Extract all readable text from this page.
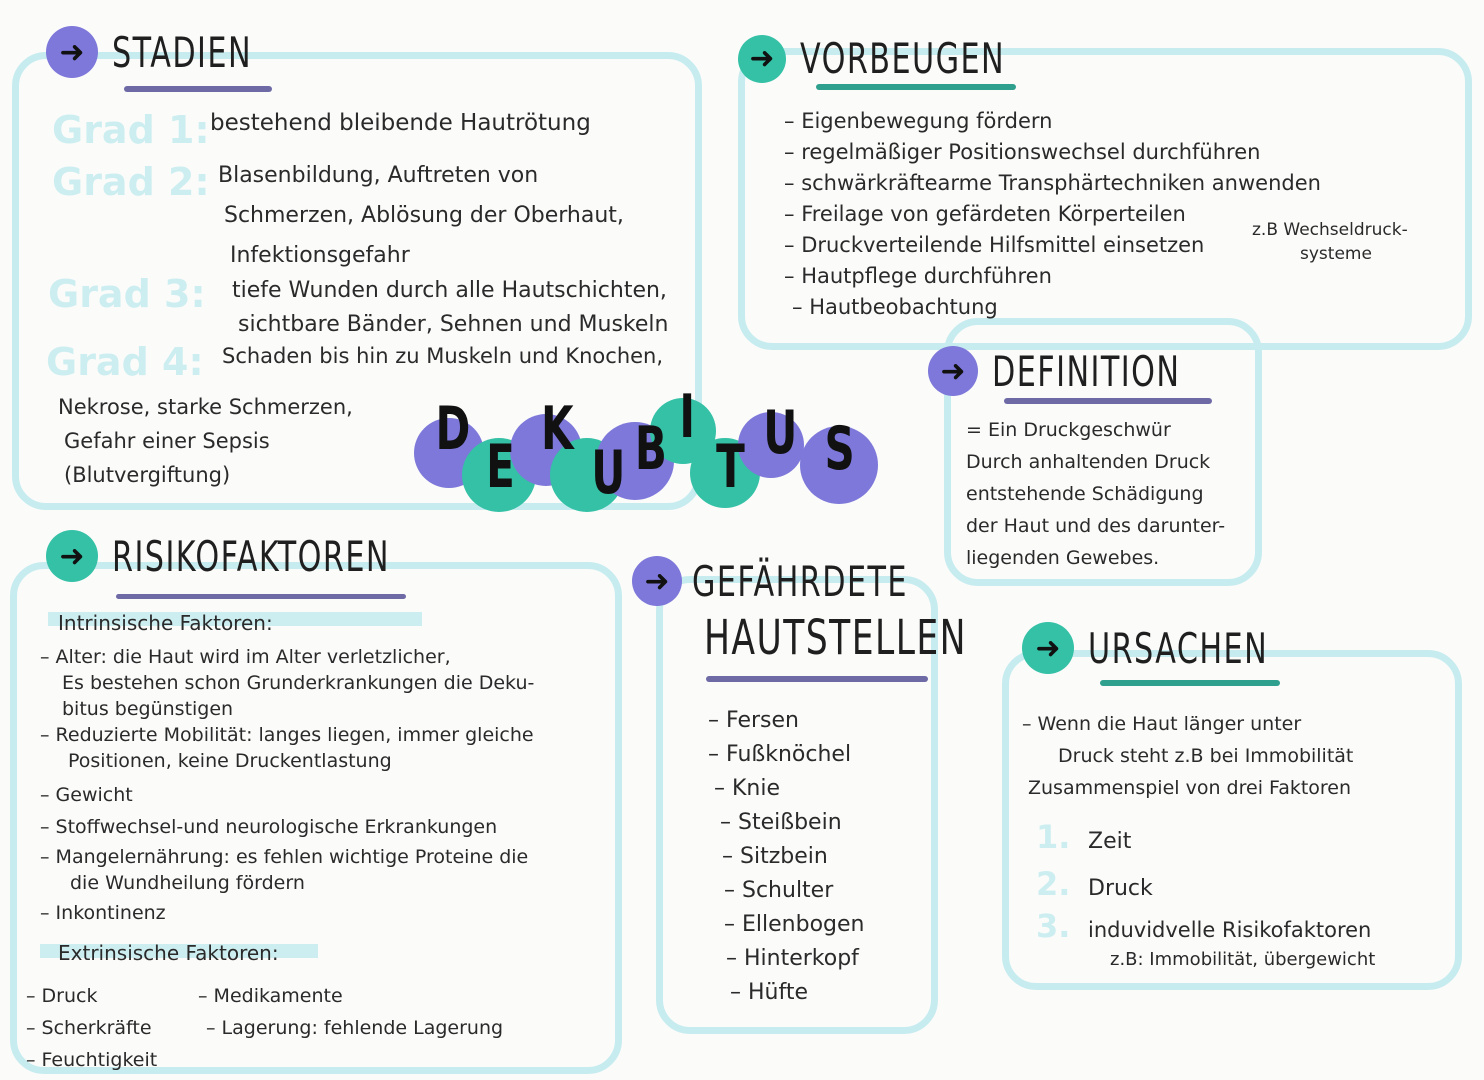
➜ STADIEN
Grad 1: bestehend bleibende Hautrötung
Grad 2: Blasenbildung, Auftreten von
Schmerzen, Ablösung der Oberhaut,
Infektionsgefahr
Grad 3: tiefe Wunden durch alle Hautschichten,
sichtbare Bänder, Sehnen und Muskeln
Grad 4: Schaden bis hin zu Muskeln und Knochen,
Nekrose, starke Schmerzen,
Gefahr einer Sepsis
(Blutvergiftung)
D
E
K
U B I
T U S
➜ VORBEUGEN
– Eigenbewegung fördern
– regelmäßiger Positionswechsel durchführen
– schwärkräftearme Transphärtechniken anwenden
– Freilage von gefärdeten Körperteilen
– Druckverteilende Hilfsmittel einsetzen
– Hautpflege durchführen
– Hautbeobachtung
z.B Wechseldruck-
systeme
➜ DEFINITION
= Ein Druckgeschwür
Durch anhaltenden Druck
entstehende Schädigung
der Haut und des darunter-
liegenden Gewebes.
➜ RISIKOFAKTOREN
Intrinsische Faktoren:
– Alter: die Haut wird im Alter verletzlicher,
Es bestehen schon Grunderkrankungen die Deku-
bitus begünstigen
– Reduzierte Mobilität: langes liegen, immer gleiche
Positionen, keine Druckentlastung
– Gewicht
– Stoffwechsel-und neurologische Erkrankungen
– Mangelernährung: es fehlen wichtige Proteine die
die Wundheilung fördern
– Inkontinenz
Extrinsische Faktoren:
– Druck
– Scherkräfte
– Feuchtigkeit
– Medikamente
– Lagerung: fehlende Lagerung
➜ GEFÄHRDETE
HAUTSTELLEN
– Fersen
– Fußknöchel
– Knie
– Steißbein
– Sitzbein
– Schulter
– Ellenbogen
– Hinterkopf
– Hüfte
➜ URSACHEN
– Wenn die Haut länger unter
Druck steht z.B bei Immobilität
Zusammenspiel von drei Faktoren
1. Zeit
2. Druck
3. induvidvelle Risikofaktoren
z.B: Immobilität, übergewicht
